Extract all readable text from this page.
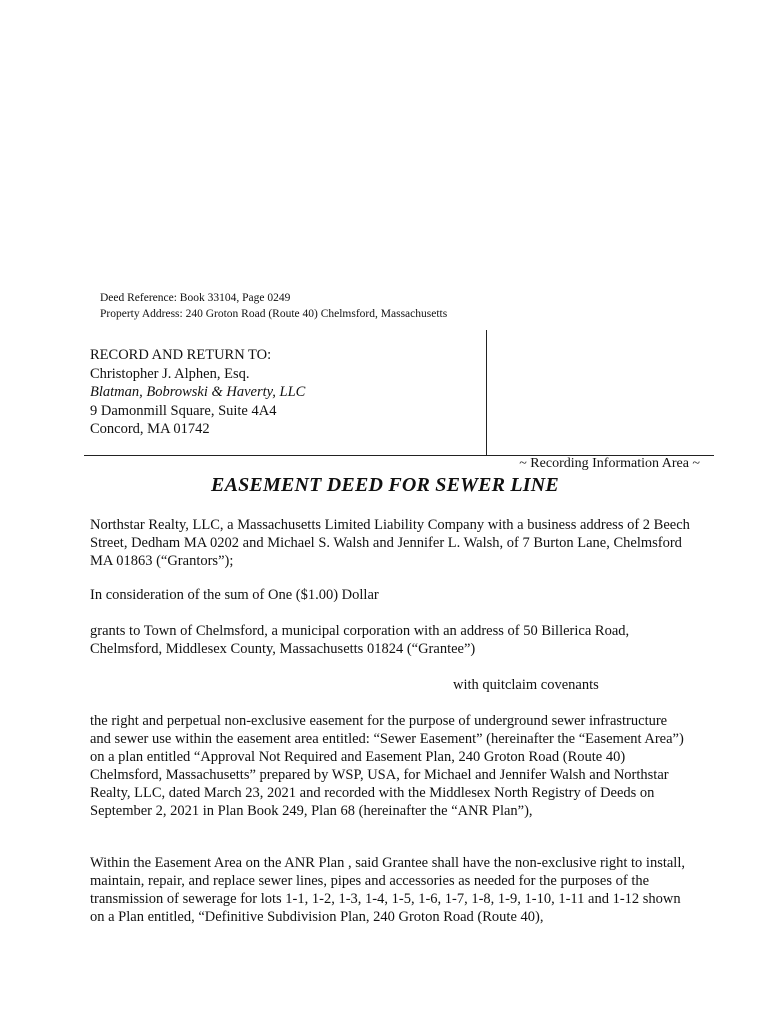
Deed Reference: Book 33104, Page 0249
Property Address: 240 Groton Road (Route 40) Chelmsford, Massachusetts
RECORD AND RETURN TO:
Christopher J. Alphen, Esq.
Blatman, Bobrowski & Haverty, LLC
9 Damonmill Square, Suite 4A4
Concord, MA 01742
~ Recording Information Area ~
EASEMENT DEED FOR SEWER LINE

Northstar Realty, LLC, a Massachusetts Limited Liability Company with a business address of 2 Beech Street, Dedham MA 0202 and Michael S. Walsh and Jennifer L. Walsh, of 7 Burton Lane, Chelmsford MA 01863 (“Grantors”);

In consideration of the sum of One ($1.00) Dollar

grants to Town of Chelmsford, a municipal corporation with an address of 50 Billerica Road, Chelmsford, Middlesex County, Massachusetts 01824 (“Grantee”)

with quitclaim covenants

the right and perpetual non-exclusive easement for the purpose of underground sewer infrastructure and sewer use within the easement area entitled: “Sewer Easement” (hereinafter the “Easement Area”) on a plan entitled “Approval Not Required and Easement Plan, 240 Groton Road (Route 40) Chelmsford, Massachusetts” prepared by WSP, USA, for Michael and Jennifer Walsh and Northstar Realty, LLC, dated March 23, 2021 and recorded with the Middlesex North Registry of Deeds on September 2, 2021 in Plan Book 249, Plan 68 (hereinafter the “ANR Plan”),

Within the Easement Area on the ANR Plan , said Grantee shall have the non-exclusive right to install, maintain, repair, and replace sewer lines, pipes and accessories as needed for the purposes of the transmission of sewerage for lots 1-1, 1-2, 1-3, 1-4, 1-5, 1-6, 1-7, 1-8, 1-9, 1-10, 1-11 and 1-12 shown on a Plan entitled, “Definitive Subdivision Plan, 240 Groton Road (Route 40),
